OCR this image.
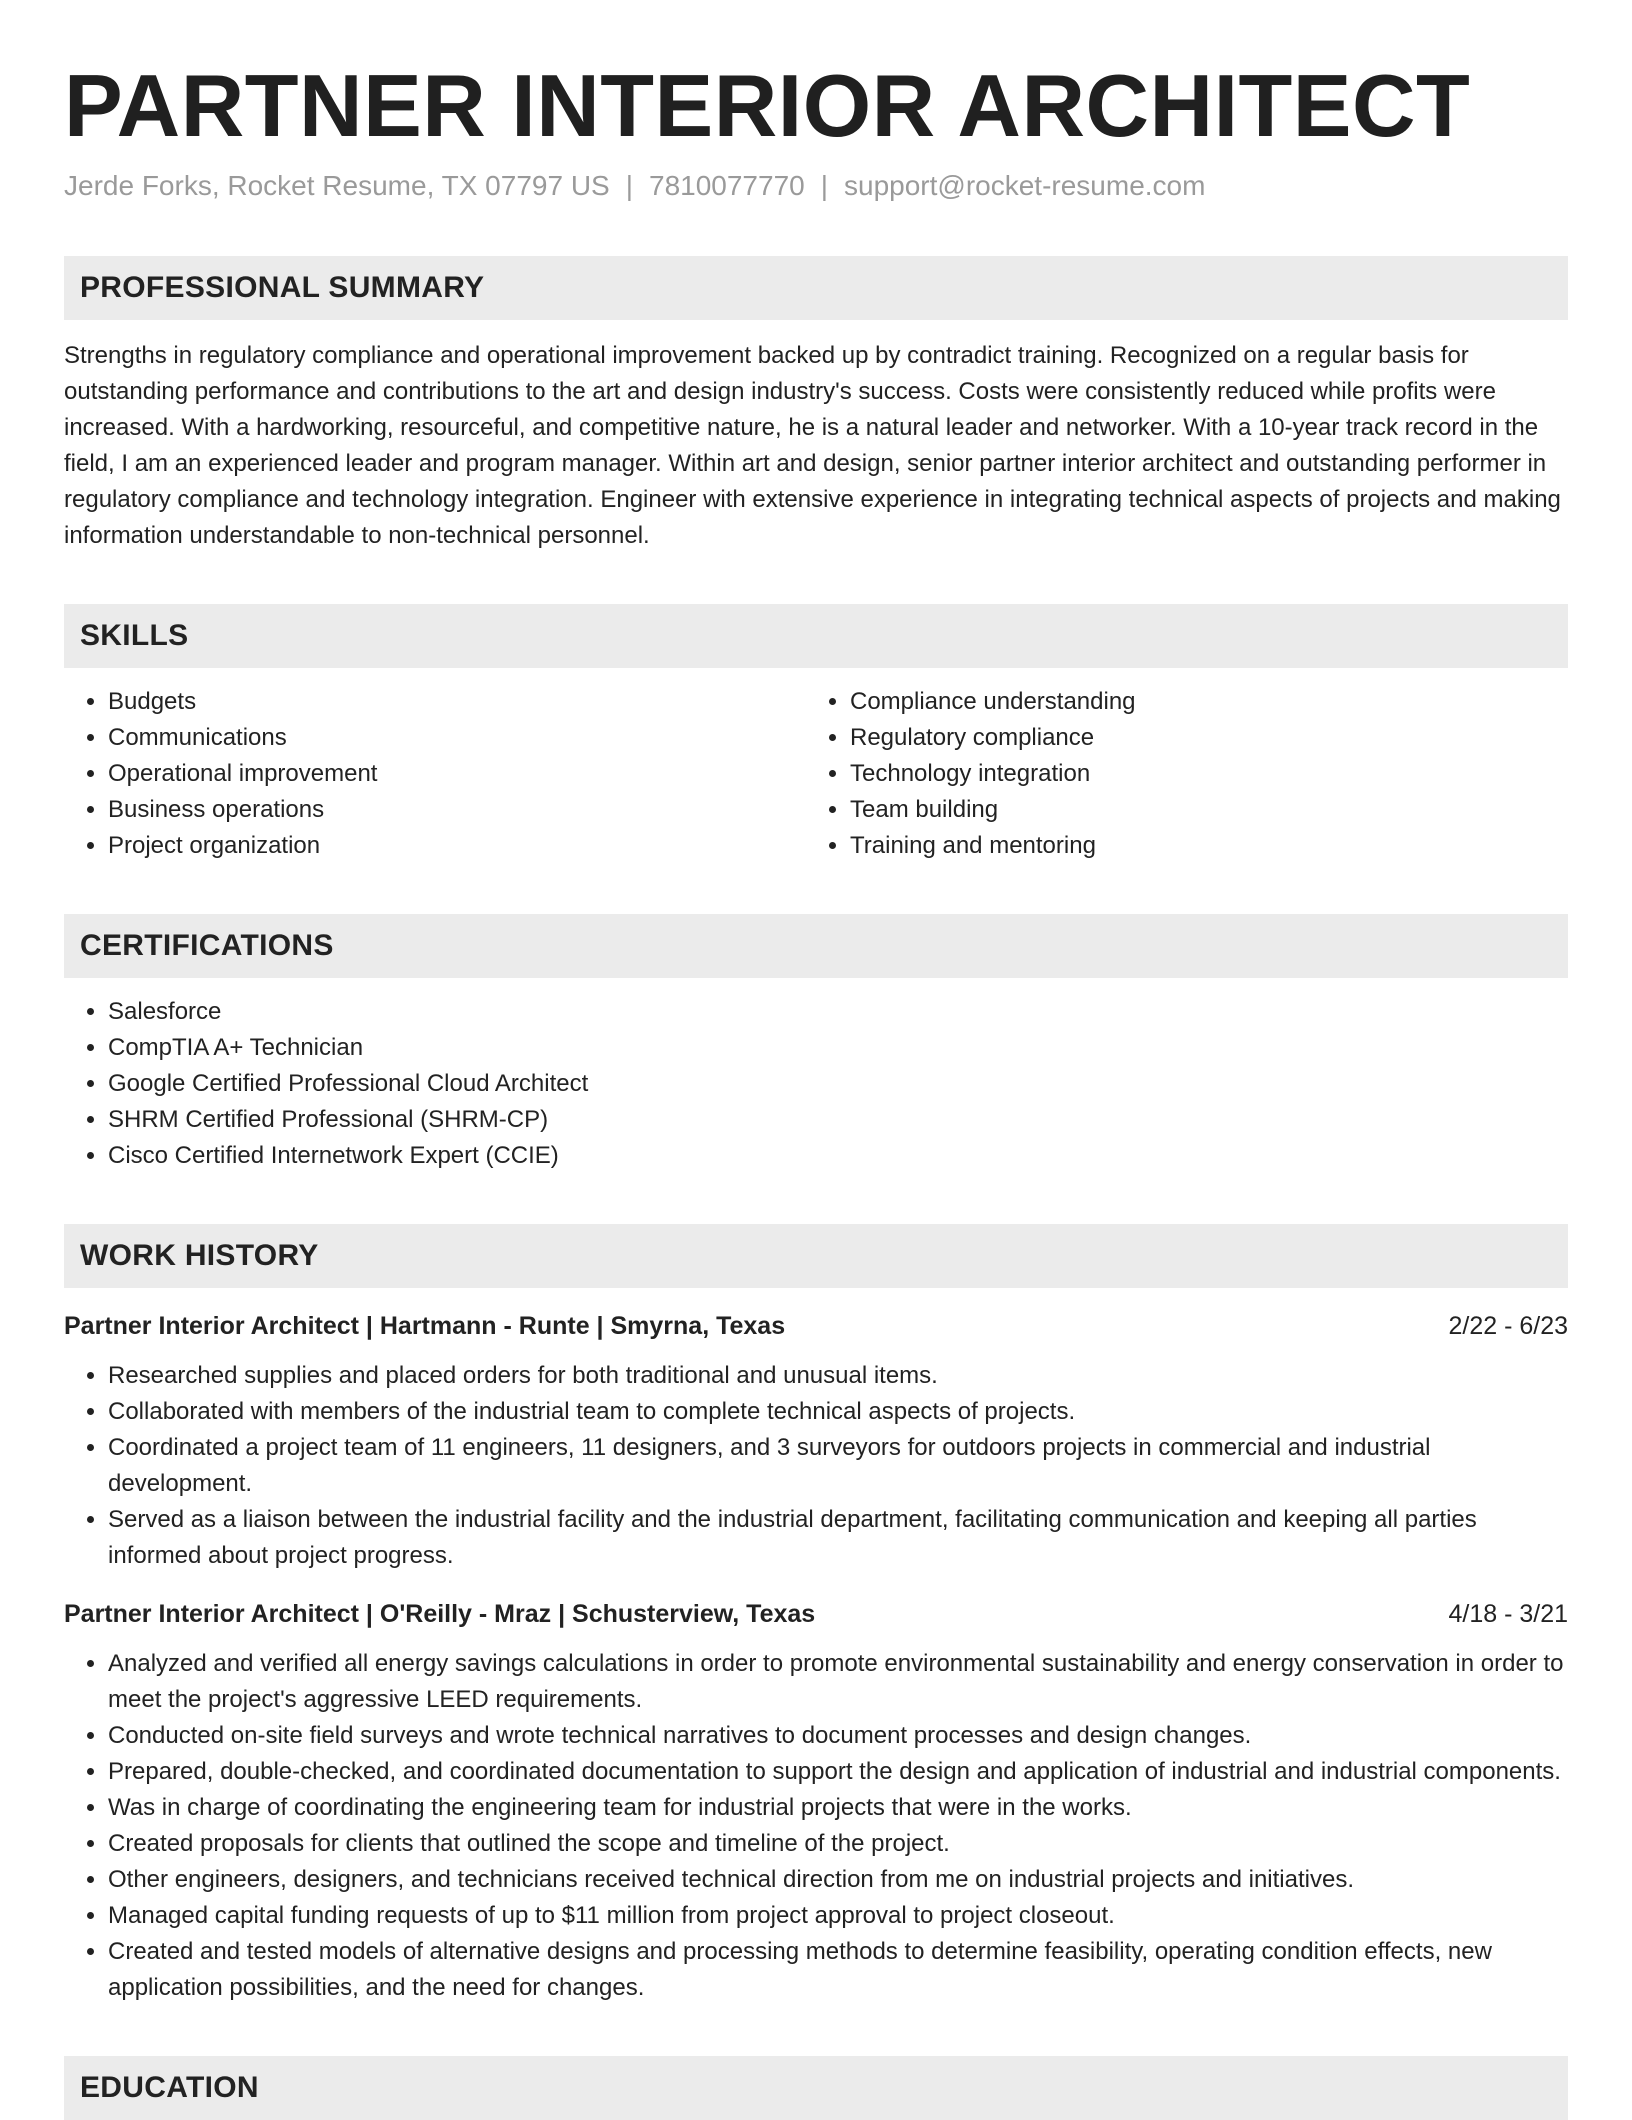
PARTNER INTERIOR ARCHITECT
Jerde Forks, Rocket Resume, TX 07797 US | 7810077770 | support@rocket-resume.com
PROFESSIONAL SUMMARY
Strengths in regulatory compliance and operational improvement backed up by contradict training. Recognized on a regular basis for outstanding performance and contributions to the art and design industry's success. Costs were consistently reduced while profits were increased. With a hardworking, resourceful, and competitive nature, he is a natural leader and networker. With a 10-year track record in the field, I am an experienced leader and program manager. Within art and design, senior partner interior architect and outstanding performer in regulatory compliance and technology integration. Engineer with extensive experience in integrating technical aspects of projects and making information understandable to non-technical personnel.
SKILLS
• Budgets
• Communications
• Operational improvement
• Business operations
• Project organization
• Compliance understanding
• Regulatory compliance
• Technology integration
• Team building
• Training and mentoring
CERTIFICATIONS
• Salesforce
• CompTIA A+ Technician
• Google Certified Professional Cloud Architect
• SHRM Certified Professional (SHRM-CP)
• Cisco Certified Internetwork Expert (CCIE)
WORK HISTORY
Partner Interior Architect | Hartmann - Runte | Smyrna, Texas	2/22 - 6/23
• Researched supplies and placed orders for both traditional and unusual items.
• Collaborated with members of the industrial team to complete technical aspects of projects.
• Coordinated a project team of 11 engineers, 11 designers, and 3 surveyors for outdoors projects in commercial and industrial development.
• Served as a liaison between the industrial facility and the industrial department, facilitating communication and keeping all parties informed about project progress.
Partner Interior Architect | O'Reilly - Mraz | Schusterview, Texas	4/18 - 3/21
• Analyzed and verified all energy savings calculations in order to promote environmental sustainability and energy conservation in order to meet the project's aggressive LEED requirements.
• Conducted on-site field surveys and wrote technical narratives to document processes and design changes.
• Prepared, double-checked, and coordinated documentation to support the design and application of industrial and industrial components.
• Was in charge of coordinating the engineering team for industrial projects that were in the works.
• Created proposals for clients that outlined the scope and timeline of the project.
• Other engineers, designers, and technicians received technical direction from me on industrial projects and initiatives.
• Managed capital funding requests of up to $11 million from project approval to project closeout.
• Created and tested models of alternative designs and processing methods to determine feasibility, operating condition effects, new application possibilities, and the need for changes.
EDUCATION
